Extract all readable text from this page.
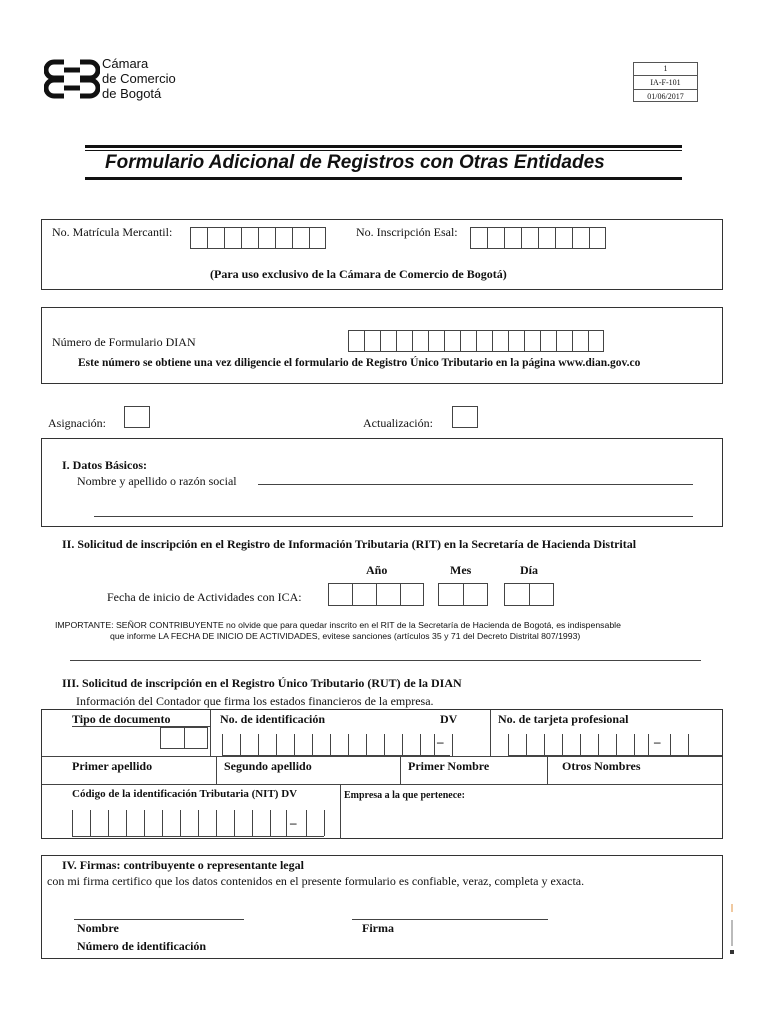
Cámara
de Comercio
de Bogotá
1
IA-F-101
01/06/2017
Formulario Adicional de Registros con Otras Entidades
No. Matrícula Mercantil:	No. Inscripción Esal:
(Para uso exclusivo de la Cámara de Comercio de Bogotá)
Número de Formulario DIAN
Este número se obtiene una vez diligencie el formulario de Registro Único Tributario en la página www.dian.gov.co
Asignación:	Actualización:
I. Datos Básicos:
Nombre y apellido o razón social
II. Solicitud de inscripción en el Registro de Información Tributaria (RIT) en la Secretaría de Hacienda Distrital
Año	Mes	Día
Fecha de inicio de Actividades con ICA:
IMPORTANTE: SEÑOR CONTRIBUYENTE no olvide que para quedar inscrito en el RIT de la Secretaría de Hacienda de Bogotá, es indispensable
que informe LA FECHA DE INICIO DE ACTIVIDADES, evitese sanciones (artículos 35 y 71 del Decreto Distrital 807/1993)
III. Solicitud de inscripción en el Registro Único Tributario (RUT) de la DIAN
Información del Contador que firma los estados financieros de la empresa.
Tipo de documento	No. de identificación	DV	No. de tarjeta profesional
–	–
Primer apellido	Segundo apellido	Primer Nombre	Otros Nombres
Código de la identificación Tributaria (NIT) DV	Empresa a la que pertenece:
–
IV. Firmas: contribuyente o representante legal
con mi firma certifico que los datos contenidos en el presente formulario es confiable, veraz, completa y exacta.
Nombre	Firma
Número de identificación
